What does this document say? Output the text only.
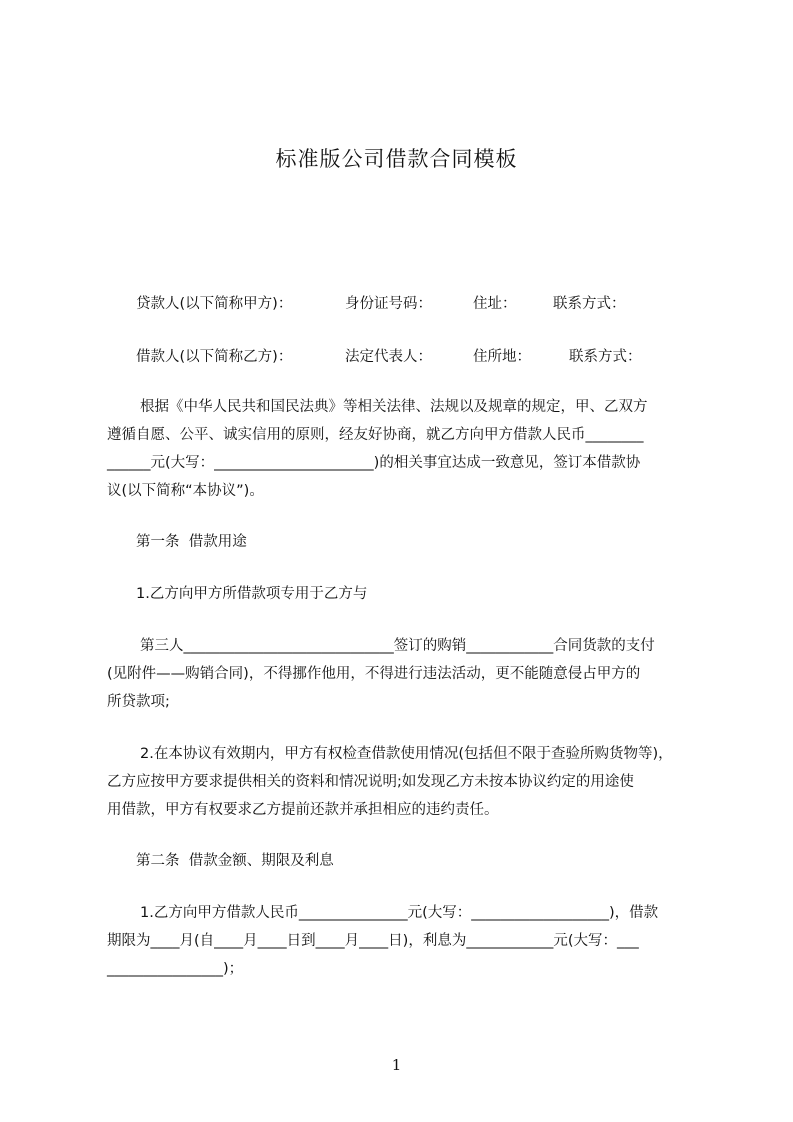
标准版公司借款合同模板
贷款人(以下简称甲方)：	身份证号码：	住址：	联系方式：
借款人(以下简称乙方)：	法定代表人：	住所地：	联系方式：
根据《中华人民共和国民法典》等相关法律、法规以及规章的规定，甲、乙双方
遵循自愿、公平、诚实信用的原则，经友好协商，就乙方向甲方借款人民币________
______元(大写：______________________)的相关事宜达成一致意见，签订本借款协
议(以下简称“本协议”)。
第一条  借款用途
1.乙方向甲方所借款项专用于乙方与
第三人_____________________________签订的购销____________合同货款的支付
(见附件——购销合同)，不得挪作他用，不得进行违法活动，更不能随意侵占甲方的
所贷款项;
2.在本协议有效期内，甲方有权检查借款使用情况(包括但不限于查验所购货物等)，
乙方应按甲方要求提供相关的资料和情况说明;如发现乙方未按本协议约定的用途使
用借款，甲方有权要求乙方提前还款并承担相应的违约责任。
第二条  借款金额、期限及利息
1.乙方向甲方借款人民币_______________元(大写：___________________)，借款
期限为____月(自____月____日到____月____日)，利息为____________元(大写：___
________________)；
1
